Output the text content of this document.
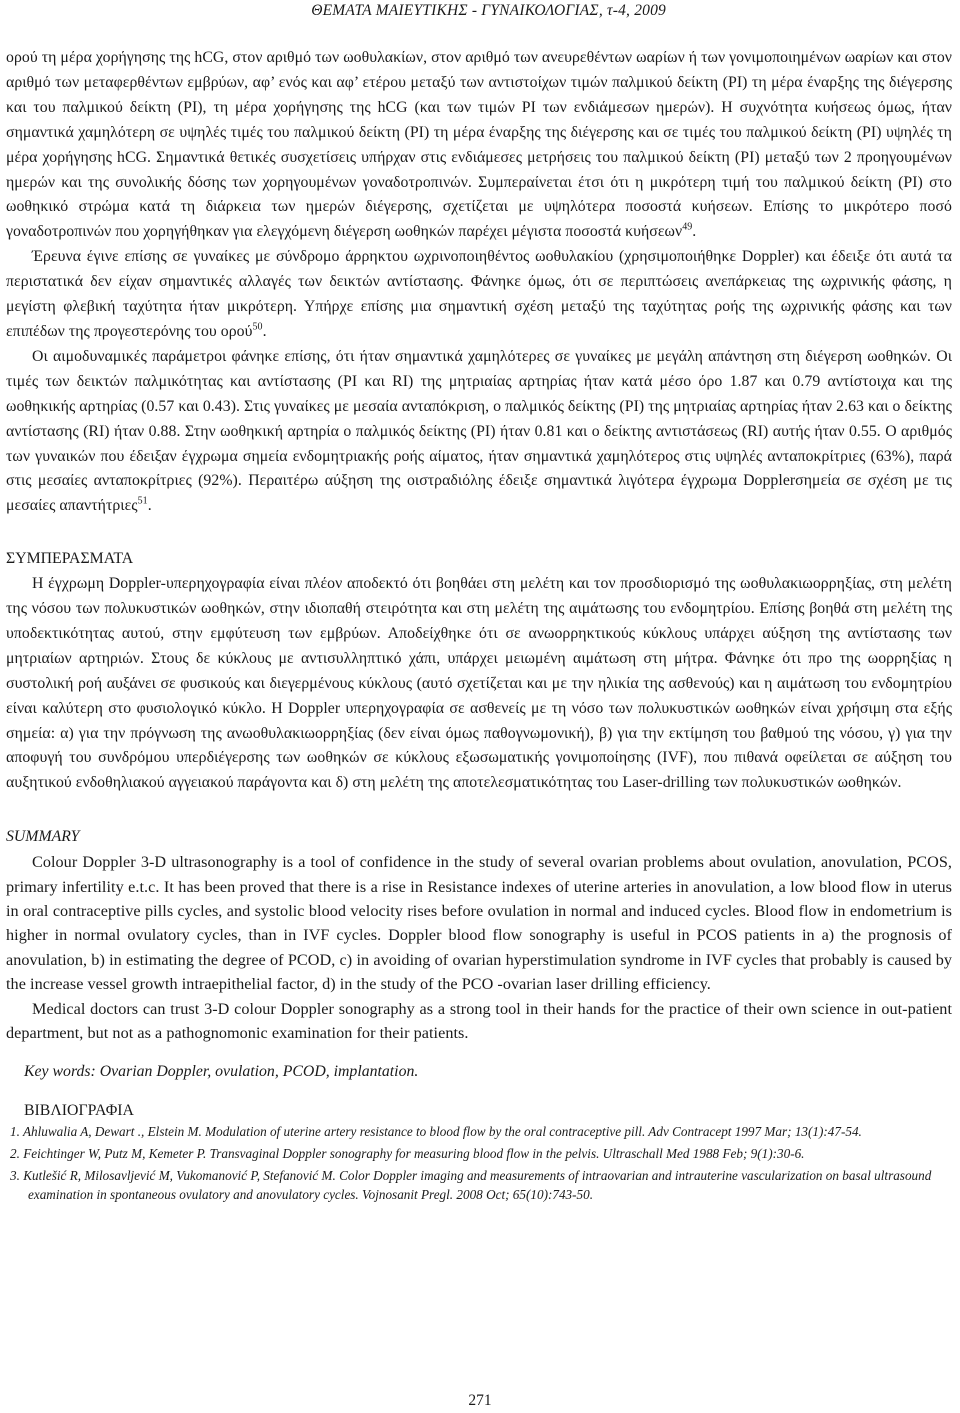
ΘΕΜΑΤΑ ΜΑΙΕΥΤΙΚΗΣ - ΓΥΝΑΙΚΟΛΟΓΙΑΣ, τ-4, 2009

ορού τη μέρα χορήγησης της hCG, στον αριθμό των ωοθυλακίων, στον αριθμό των ανευρεθέντων ωαρίων ή των γονιμοποιημένων ωαρίων και στον αριθμό των μεταφερθέντων εμβρύων, αφ’ ενός και αφ’ ετέρου μεταξύ των αντιστοίχων τιμών παλμικού δείκτη (PI) τη μέρα έναρξης της διέγερσης και του παλμικού δείκτη (PI), τη μέρα χορήγησης της hCG (και των τιμών PI των ενδιάμεσων ημερών). Η συχνότητα κυήσεως όμως, ήταν σημαντικά χαμηλότερη σε υψηλές τιμές του παλμικού δείκτη (PI) τη μέρα έναρξης της διέγερσης και σε τιμές του παλμικού δείκτη (PI) υψηλές τη μέρα χορήγησης hCG. Σημαντικά θετικές συσχετίσεις υπήρχαν στις ενδιάμεσες μετρήσεις του παλμικού δείκτη (PI) μεταξύ των 2 προηγουμένων ημερών και της συνολικής δόσης των χορηγουμένων γοναδοτροπινών. Συμπεραίνεται έτσι ότι η μικρότερη τιμή του παλμικού δείκτη (PI) στο ωοθηκικό στρώμα κατά τη διάρκεια των ημερών διέγερσης, σχετίζεται με υψηλότερα ποσοστά κυήσεων. Επίσης το μικρότερο ποσό γοναδοτροπινών που χορηγήθηκαν για ελεγχόμενη διέγερση ωοθηκών παρέχει μέγιστα ποσοστά κυήσεων$^{49}$.

Έρευνα έγινε επίσης σε γυναίκες με σύνδρομο άρρηκτου ωχρινοποιηθέντος ωοθυλακίου (χρησιμοποιήθηκε Doppler) και έδειξε ότι αυτά τα περιστατικά δεν είχαν σημαντικές αλλαγές των δεικτών αντίστασης. Φάνηκε όμως, ότι σε περιπτώσεις ανεπάρκειας της ωχρινικής φάσης, η μεγίστη φλεβική ταχύτητα ήταν μικρότερη. Υπήρχε επίσης μια σημαντική σχέση μεταξύ της ταχύτητας ροής της ωχρινικής φάσης και των επιπέδων της προγεστερόνης του ορού$^{50}$.

Οι αιμοδυναμικές παράμετροι φάνηκε επίσης, ότι ήταν σημαντικά χαμηλότερες σε γυναίκες με μεγάλη απάντηση στη διέγερση ωοθηκών. Οι τιμές των δεικτών παλμικότητας και αντίστασης (PI και RI) της μητριαίας αρτηρίας ήταν κατά μέσο όρο 1.87 και 0.79 αντίστοιχα και της ωοθηκικής αρτηρίας (0.57 και 0.43). Στις γυναίκες με μεσαία ανταπόκριση, ο παλμικός δείκτης (PI) της μητριαίας αρτηρίας ήταν 2.63 και ο δείκτης αντίστασης (RI) ήταν 0.88. Στην ωοθηκική αρτηρία ο παλμικός δείκτης (PI) ήταν 0.81 και ο δείκτης αντιστάσεως (RI) αυτής ήταν 0.55. Ο αριθμός των γυναικών που έδειξαν έγχρωμα σημεία ενδομητριακής ροής αίματος, ήταν σημαντικά χαμηλότερος στις υψηλές ανταποκρίτριες (63%), παρά στις μεσαίες ανταποκρίτριες (92%). Περαιτέρω αύξηση της οιστραδιόλης έδειξε σημαντικά λιγότερα έγχρωμα Dopplerσημεία σε σχέση με τις μεσαίες απαντήτριες$^{51}$.

ΣΥΜΠΕΡΑΣΜΑΤΑ

Η έγχρωμη Doppler-υπερηχογραφία είναι πλέον αποδεκτό ότι βοηθάει στη μελέτη και τον προσδιορισμό της ωοθυλακιωορρηξίας, στη μελέτη της νόσου των πολυκυστικών ωοθηκών, στην ιδιοπαθή στειρότητα και στη μελέτη της αιμάτωσης του ενδομητρίου. Επίσης βοηθά στη μελέτη της υποδεκτικότητας αυτού, στην εμφύτευση των εμβρύων. Αποδείχθηκε ότι σε ανωορρηκτικούς κύκλους υπάρχει αύξηση της αντίστασης των μητριαίων αρτηριών. Στους δε κύκλους με αντισυλληπτικό χάπι, υπάρχει μειωμένη αιμάτωση στη μήτρα. Φάνηκε ότι προ της ωορρηξίας η συστολική ροή αυξάνει σε φυσικούς και διεγερμένους κύκλους (αυτό σχετίζεται και με την ηλικία της ασθενούς) και η αιμάτωση του ενδομητρίου είναι καλύτερη στο φυσιολογικό κύκλο. Η Doppler υπερηχογραφία σε ασθενείς με τη νόσο των πολυκυστικών ωοθηκών είναι χρήσιμη στα εξής σημεία: α) για την πρόγνωση της ανωοθυλακιωορρηξίας (δεν είναι όμως παθογνωμονική), β) για την εκτίμηση του βαθμού της νόσου, γ) για την αποφυγή του συνδρόμου υπερδιέγερσης των ωοθηκών σε κύκλους εξωσωματικής γονιμοποίησης (IVF), που πιθανά οφείλεται σε αύξηση του αυξητικού ενδοθηλιακού αγγειακού παράγοντα και δ) στη μελέτη της αποτελεσματικότητας του Laser-drilling των πολυκυστικών ωοθηκών.

SUMMARY

Colour Doppler 3-D ultrasonography is a tool of confidence in the study of several ovarian problems about ovulation, anovulation, PCOS, primary infertility e.t.c. It has been proved that there is a rise in Resistance indexes of uterine arteries in anovulation, a low blood flow in uterus in oral contraceptive pills cycles, and systolic blood velocity rises before ovulation in normal and induced cycles. Blood flow in endometrium is higher in normal ovulatory cycles, than in IVF cycles. Doppler blood flow sonography is useful in PCOS patients in a) the prognosis of anovulation, b) in estimating the degree of PCOD, c) in avoiding of ovarian hyperstimulation syndrome in IVF cycles that probably is caused by the increase vessel growth intraepithelial factor, d) in the study of the PCO -ovarian laser drilling efficiency.

Medical doctors can trust 3-D colour Doppler sonography as a strong tool in their hands for the practice of their own science in out-patient department, but not as a pathognomonic examination for their patients.

Key words: Ovarian Doppler, ovulation, PCOD, implantation.

ΒΙΒΛΙΟΓΡΑΦΙΑ

1. Ahluwalia A, Dewart ., Elstein M. Modulation of uterine artery resistance to blood flow by the oral contraceptive pill. Adv Contracept 1997 Mar; 13(1):47-54.

2. Feichtinger W, Putz M, Kemeter P. Transvaginal Doppler sonography for measuring blood flow in the pelvis. Ultraschall Med 1988 Feb; 9(1):30-6.

3. Kutlešić R, Milosavljević M, Vukomanović P, Stefanović M. Color Doppler imaging and measurements of intraovarian and intrauterine vascularization on basal ultrasound examination in spontaneous ovulatory and anovulatory cycles. Vojnosanit Pregl. 2008 Oct; 65(10):743-50.

271
